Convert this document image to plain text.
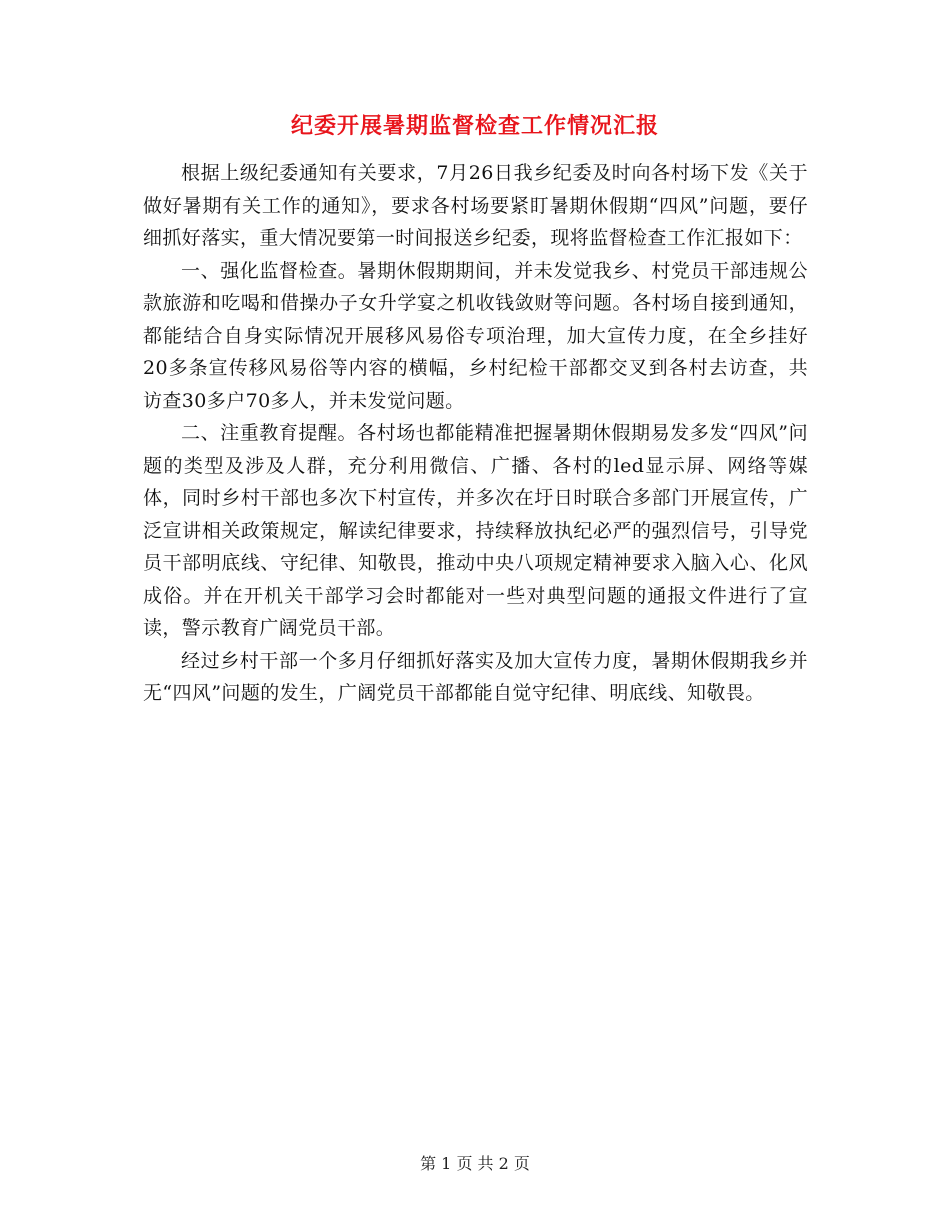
纪委开展暑期监督检查工作情况汇报

根据上级纪委通知有关要求，7月26日我乡纪委及时向各村场下发《关于做好暑期有关工作的通知》，要求各村场要紧盯暑期休假期“四风”问题，要仔细抓好落实，重大情况要第一时间报送乡纪委，现将监督检查工作汇报如下：

一、强化监督检查。暑期休假期期间，并未发觉我乡、村党员干部违规公款旅游和吃喝和借操办子女升学宴之机收钱敛财等问题。各村场自接到通知，都能结合自身实际情况开展移风易俗专项治理，加大宣传力度，在全乡挂好20多条宣传移风易俗等内容的横幅，乡村纪检干部都交叉到各村去访查，共访查30多户70多人，并未发觉问题。

二、注重教育提醒。各村场也都能精准把握暑期休假期易发多发“四风”问题的类型及涉及人群，充分利用微信、广播、各村的led显示屏、网络等媒体，同时乡村干部也多次下村宣传，并多次在圩日时联合多部门开展宣传，广泛宣讲相关政策规定，解读纪律要求，持续释放执纪必严的强烈信号，引导党员干部明底线、守纪律、知敬畏，推动中央八项规定精神要求入脑入心、化风成俗。并在开机关干部学习会时都能对一些对典型问题的通报文件进行了宣读，警示教育广阔党员干部。

经过乡村干部一个多月仔细抓好落实及加大宣传力度，暑期休假期我乡并无“四风”问题的发生，广阔党员干部都能自觉守纪律、明底线、知敬畏。

第 1 页 共 2 页
